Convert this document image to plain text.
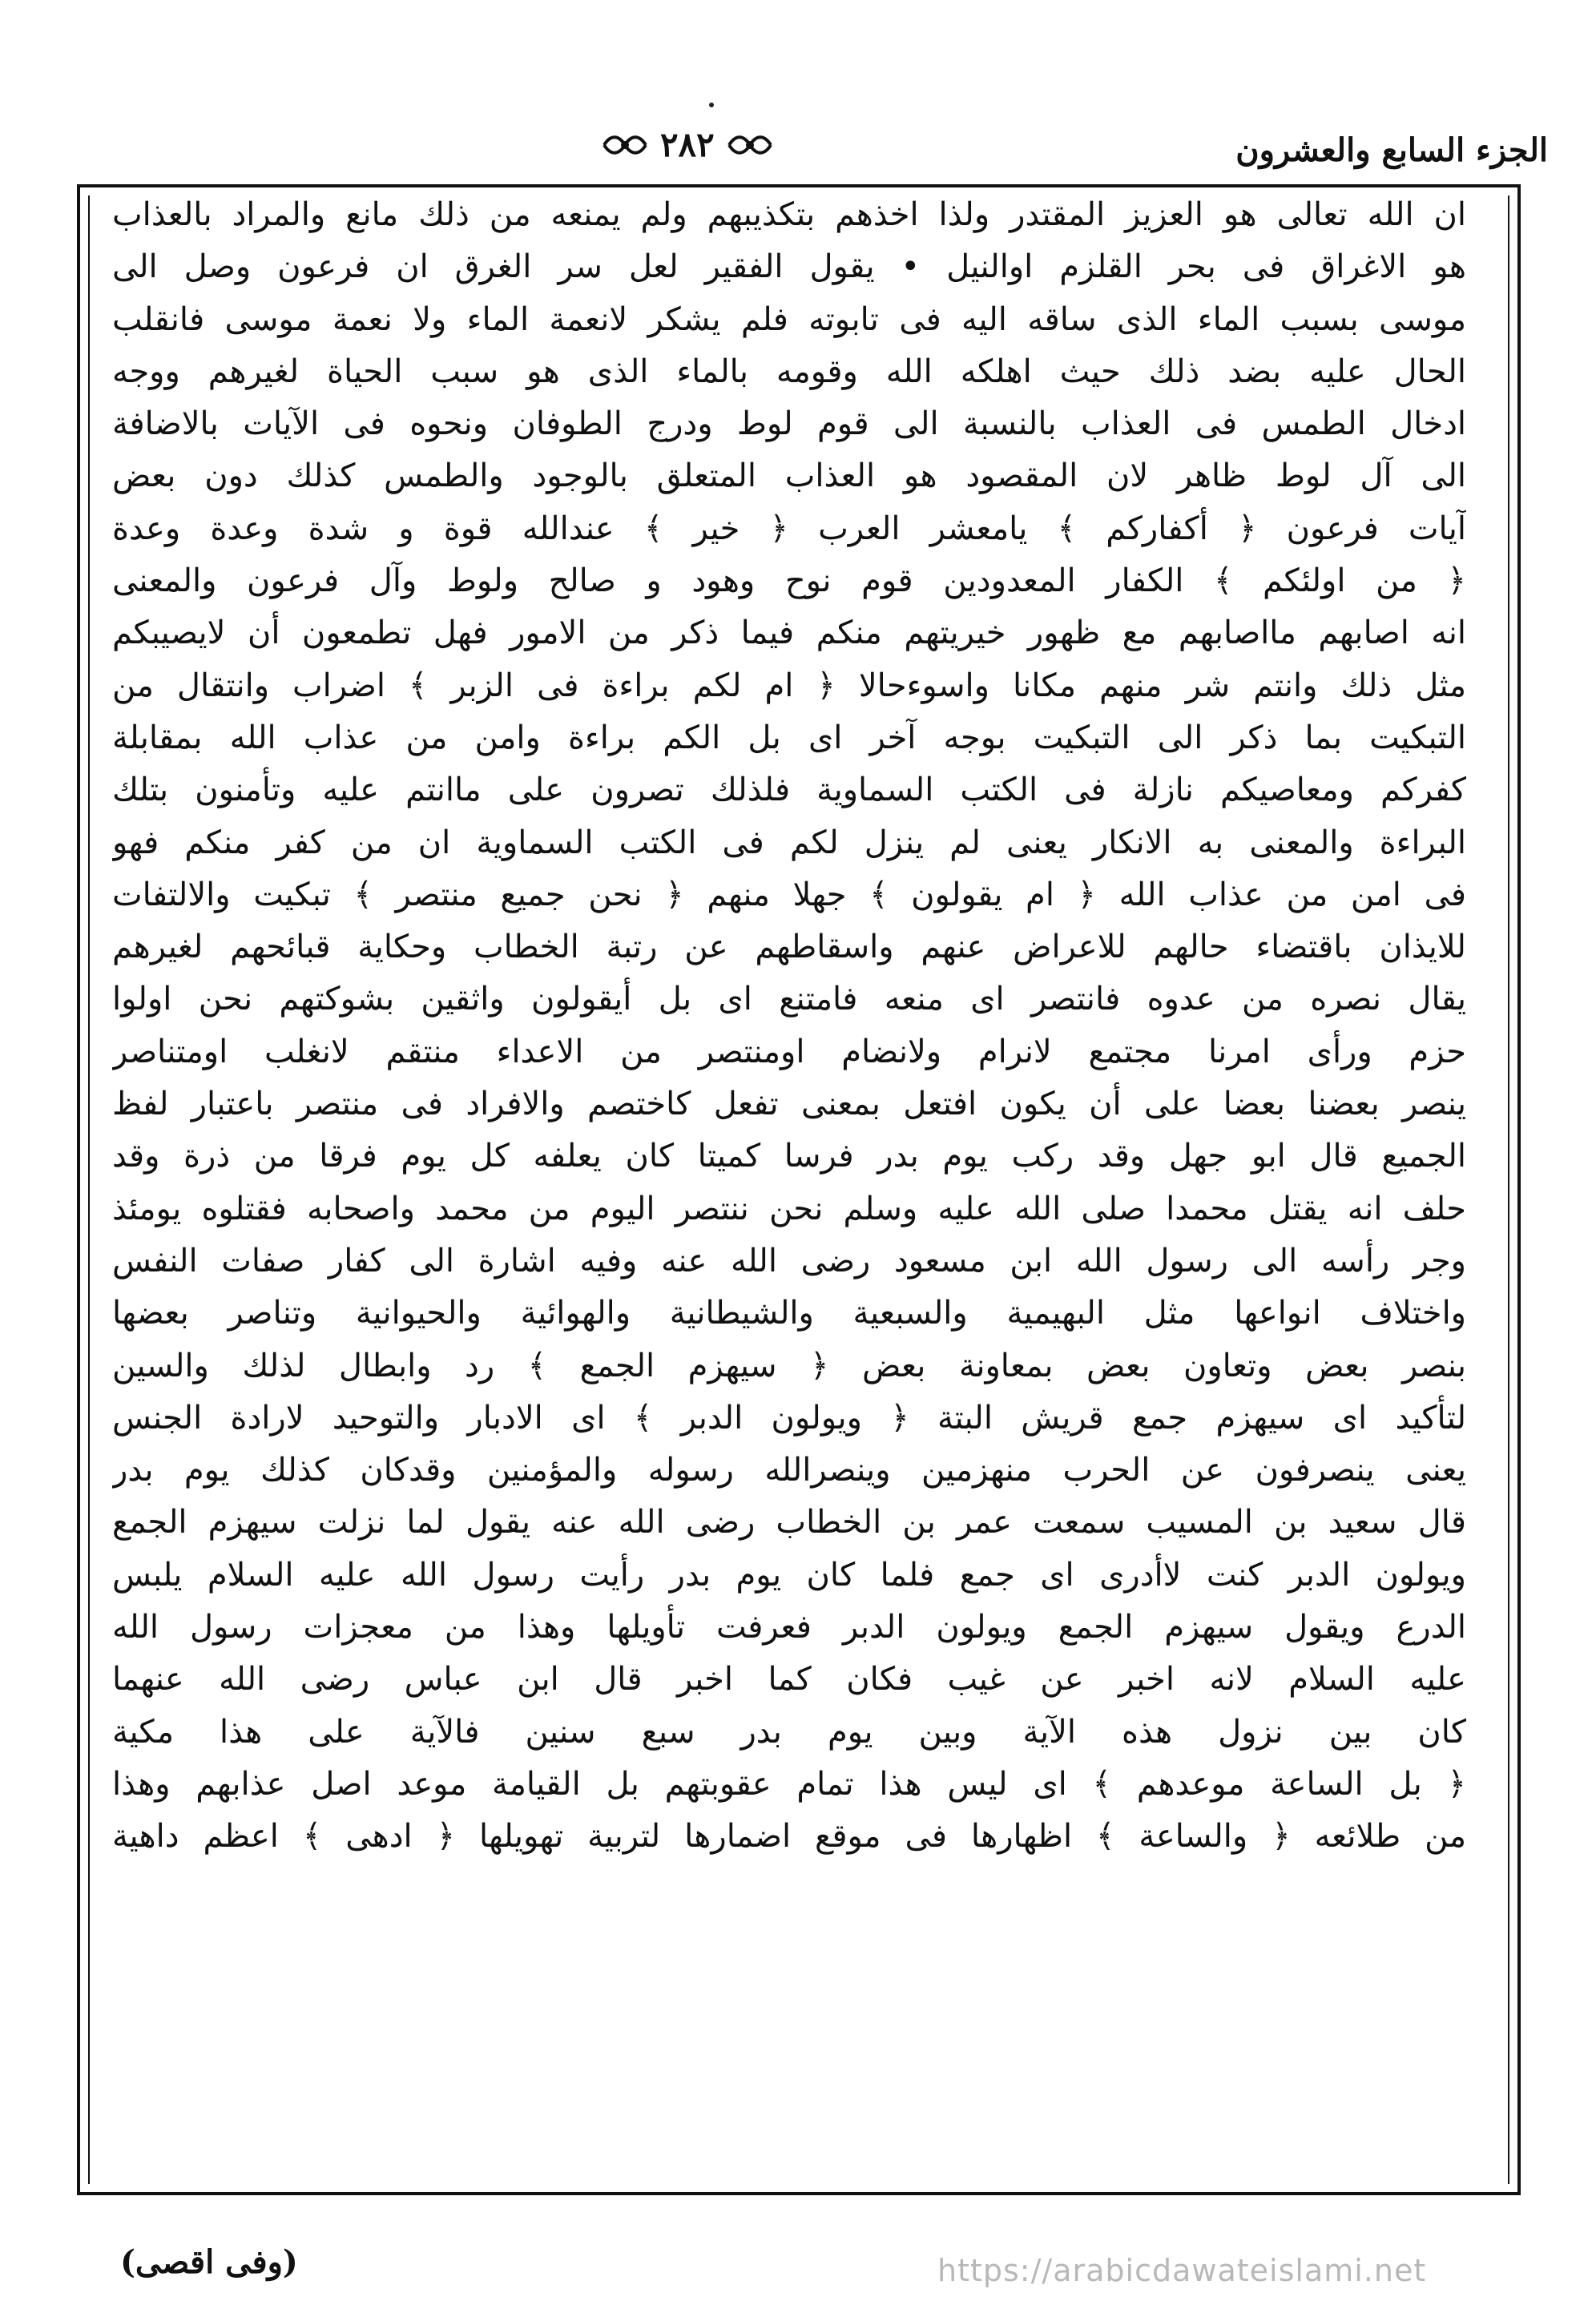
الجزء السابع والعشرون
٢٨٢
ان الله تعالى هو العزيز المقتدر ولذا اخذهم بتكذيبهم ولم يمنعه من ذلك مانع والمراد بالعذاب
هو الاغراق فى بحر القلزم اوالنيل • يقول الفقير لعل سر الغرق ان فرعون وصل الى
موسى بسبب الماء الذى ساقه اليه فى تابوته فلم يشكر لانعمة الماء ولا نعمة موسى فانقلب
الحال عليه بضد ذلك حيث اهلكه الله وقومه بالماء الذى هو سبب الحياة لغيرهم ووجه
ادخال الطمس فى العذاب بالنسبة الى قوم لوط ودرج الطوفان ونحوه فى الآيات بالاضافة
الى آل لوط ظاهر لان المقصود هو العذاب المتعلق بالوجود والطمس كذلك دون بعض
آيات فرعون ﴿ أكفاركم ﴾ يامعشر العرب ﴿ خير ﴾ عندالله قوة و شدة وعدة وعدة
﴿ من اولئكم ﴾ الكفار المعدودين قوم نوح وهود و صالح ولوط وآل فرعون والمعنى
انه اصابهم مااصابهم مع ظهور خيريتهم منكم فيما ذكر من الامور فهل تطمعون أن لايصيبكم
مثل ذلك وانتم شر منهم مكانا واسوءحالا ﴿ ام لكم براءة فى الزبر ﴾ اضراب وانتقال من
التبكيت بما ذكر الى التبكيت بوجه آخر اى بل الكم براءة وامن من عذاب الله بمقابلة
كفركم ومعاصيكم نازلة فى الكتب السماوية فلذلك تصرون على ماانتم عليه وتأمنون بتلك
البراءة والمعنى به الانكار يعنى لم ينزل لكم فى الكتب السماوية ان من كفر منكم فهو
فى امن من عذاب الله ﴿ ام يقولون ﴾ جهلا منهم ﴿ نحن جميع منتصر ﴾ تبكيت والالتفات
للايذان باقتضاء حالهم للاعراض عنهم واسقاطهم عن رتبة الخطاب وحكاية قبائحهم لغيرهم
يقال نصره من عدوه فانتصر اى منعه فامتنع اى بل أيقولون واثقين بشوكتهم نحن اولوا
حزم ورأى امرنا مجتمع لانرام ولانضام اومنتصر من الاعداء منتقم لانغلب اومتناصر
ينصر بعضنا بعضا على أن يكون افتعل بمعنى تفعل كاختصم والافراد فى منتصر باعتبار لفظ
الجميع قال ابو جهل وقد ركب يوم بدر فرسا كميتا كان يعلفه كل يوم فرقا من ذرة وقد
حلف انه يقتل محمدا صلى الله عليه وسلم نحن ننتصر اليوم من محمد واصحابه فقتلوه يومئذ
وجر رأسه الى رسول الله ابن مسعود رضى الله عنه وفيه اشارة الى كفار صفات النفس
واختلاف انواعها مثل البهيمية والسبعية والشيطانية والهوائية والحيوانية وتناصر بعضها
بنصر بعض وتعاون بعض بمعاونة بعض ﴿ سيهزم الجمع ﴾ رد وابطال لذلك والسين
لتأكيد اى سيهزم جمع قريش البتة ﴿ ويولون الدبر ﴾ اى الادبار والتوحيد لارادة الجنس
يعنى ينصرفون عن الحرب منهزمين وينصرالله رسوله والمؤمنين وقدكان كذلك يوم بدر
قال سعيد بن المسيب سمعت عمر بن الخطاب رضى الله عنه يقول لما نزلت سيهزم الجمع
ويولون الدبر كنت لاأدرى اى جمع فلما كان يوم بدر رأيت رسول الله عليه السلام يلبس
الدرع ويقول سيهزم الجمع ويولون الدبر فعرفت تأويلها وهذا من معجزات رسول الله
عليه السلام لانه اخبر عن غيب فكان كما اخبر قال ابن عباس رضى الله عنهما
كان بين نزول هذه الآية وبين يوم بدر سبع سنين فالآية على هذا مكية
﴿ بل الساعة موعدهم ﴾ اى ليس هذا تمام عقوبتهم بل القيامة موعد اصل عذابهم وهذا
من طلائعه ﴿ والساعة ﴾ اظهارها فى موقع اضمارها لتربية تهويلها ﴿ ادهى ﴾ اعظم داهية
(وفى اقصى)	https://arabicdawateislami.net
